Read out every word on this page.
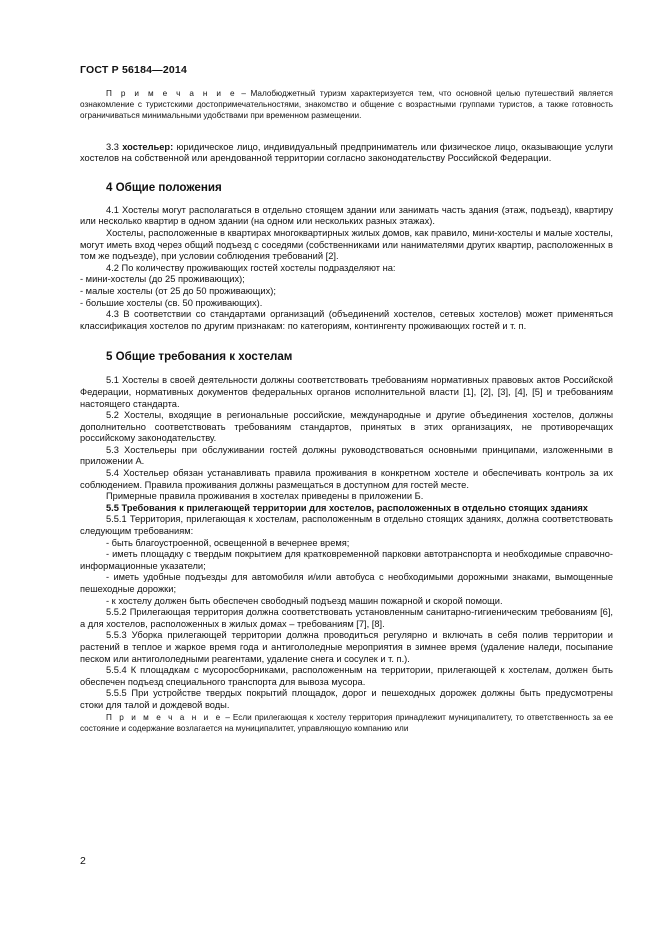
ГОСТ Р 56184—2014

П р и м е ч а н и е – Малобюджетный туризм характеризуется тем, что основной целью путешествий является ознакомление с туристскими достопримечательностями, знакомство и общение с возрастными группами туристов, а также готовность ограничиваться минимальными удобствами при временном размещении.

3.3 хостельер: юридическое лицо, индивидуальный предприниматель или физическое лицо, оказывающие услуги хостелов на собственной или арендованной территории согласно законодательству Российской Федерации.

4 Общие положения

4.1 Хостелы могут располагаться в отдельно стоящем здании или занимать часть здания (этаж, подъезд), квартиру или несколько квартир в одном здании (на одном или нескольких разных этажах).

Хостелы, расположенные в квартирах многоквартирных жилых домов, как правило, мини-хостелы и малые хостелы, могут иметь вход через общий подъезд с соседями (собственниками или нанимателями других квартир, расположенных в том же подъезде), при условии соблюдения требований [2].

4.2 По количеству проживающих гостей хостелы подразделяют на:

- мини-хостелы (до 25 проживающих);

- малые хостелы (от 25 до 50 проживающих);

- большие хостелы (св. 50 проживающих).

4.3 В соответствии со стандартами организаций (объединений хостелов, сетевых хостелов) может применяться классификация хостелов по другим признакам: по категориям, контингенту проживающих гостей и т. п.

5 Общие требования к хостелам

5.1 Хостелы в своей деятельности должны соответствовать требованиям нормативных правовых актов Российской Федерации, нормативных документов федеральных органов исполнительной власти [1], [2], [3], [4], [5] и требованиям настоящего стандарта.

5.2 Хостелы, входящие в региональные российские, международные и другие объединения хостелов, должны дополнительно соответствовать требованиям стандартов, принятых в этих организациях, не противоречащих российскому законодательству.

5.3 Хостельеры при обслуживании гостей должны руководствоваться основными принципами, изложенными в приложении А.

5.4 Хостельер обязан устанавливать правила проживания в конкретном хостеле и обеспечивать контроль за их соблюдением. Правила проживания должны размещаться в доступном для гостей месте.

Примерные правила проживания в хостелах приведены в приложении Б.

5.5 Требования к прилегающей территории для хостелов, расположенных в отдельно стоящих зданиях

5.5.1 Территория, прилегающая к хостелам, расположенным в отдельно стоящих зданиях, должна соответствовать следующим требованиям:

- быть благоустроенной, освещенной в вечернее время;

- иметь площадку с твердым покрытием для кратковременной парковки автотранспорта и необходимые справочно-информационные указатели;

- иметь удобные подъезды для автомобиля и/или автобуса с необходимыми дорожными знаками, вымощенные пешеходные дорожки;

- к хостелу должен быть обеспечен свободный подъезд машин пожарной и скорой помощи.

5.5.2 Прилегающая территория должна соответствовать установленным санитарно-гигиеническим требованиям [6], а для хостелов, расположенных в жилых домах – требованиям [7], [8].

5.5.3 Уборка прилегающей территории должна проводиться регулярно и включать в себя полив территории и растений в теплое и жаркое время года и антигололедные мероприятия в зимнее время (удаление наледи, посыпание песком или антигололедными реагентами, удаление снега и сосулек и т. п.).

5.5.4 К площадкам с мусоросборниками, расположенным на территории, прилегающей к хостелам, должен быть обеспечен подъезд специального транспорта для вывоза мусора.

5.5.5 При устройстве твердых покрытий площадок, дорог и пешеходных дорожек должны быть предусмотрены стоки для талой и дождевой воды.

П р и м е ч а н и е – Если прилегающая к хостелу территория принадлежит муниципалитету, то ответственность за ее состояние и содержание возлагается на муниципалитет, управляющую компанию или

2
